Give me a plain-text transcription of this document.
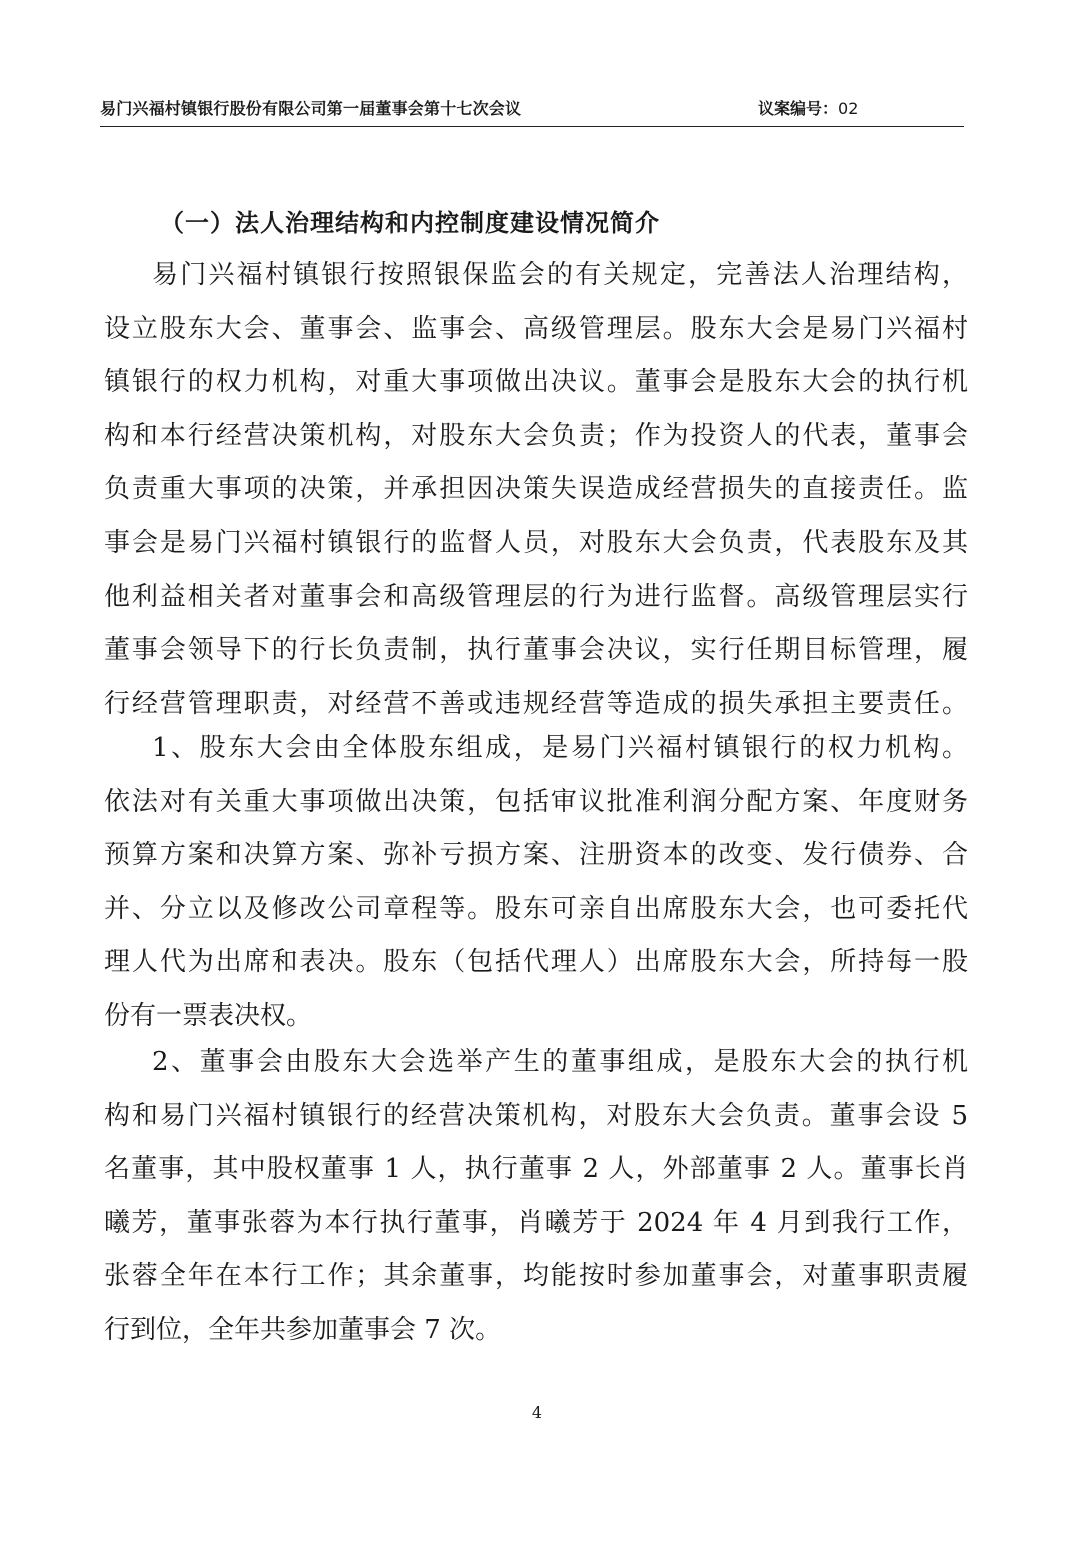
易门兴福村镇银行股份有限公司第一届董事会第十七次会议	议案编号：02
（一）法人治理结构和内控制度建设情况简介
易门兴福村镇银行按照银保监会的有关规定，完善法人治理结构，
设立股东大会、董事会、监事会、高级管理层。股东大会是易门兴福村
镇银行的权力机构，对重大事项做出决议。董事会是股东大会的执行机
构和本行经营决策机构，对股东大会负责；作为投资人的代表，董事会
负责重大事项的决策，并承担因决策失误造成经营损失的直接责任。监
事会是易门兴福村镇银行的监督人员，对股东大会负责，代表股东及其
他利益相关者对董事会和高级管理层的行为进行监督。高级管理层实行
董事会领导下的行长负责制，执行董事会决议，实行任期目标管理，履
行经营管理职责，对经营不善或违规经营等造成的损失承担主要责任。
1、股东大会由全体股东组成，是易门兴福村镇银行的权力机构。
依法对有关重大事项做出决策，包括审议批准利润分配方案、年度财务
预算方案和决算方案、弥补亏损方案、注册资本的改变、发行债券、合
并、分立以及修改公司章程等。股东可亲自出席股东大会，也可委托代
理人代为出席和表决。股东（包括代理人）出席股东大会，所持每一股
份有一票表决权。
2、董事会由股东大会选举产生的董事组成，是股东大会的执行机
构和易门兴福村镇银行的经营决策机构，对股东大会负责。董事会设 5
名董事，其中股权董事 1 人，执行董事 2 人，外部董事 2 人。董事长肖
曦芳，董事张蓉为本行执行董事，肖曦芳于 2024 年 4 月到我行工作，
张蓉全年在本行工作；其余董事，均能按时参加董事会，对董事职责履
行到位，全年共参加董事会 7 次。
4
